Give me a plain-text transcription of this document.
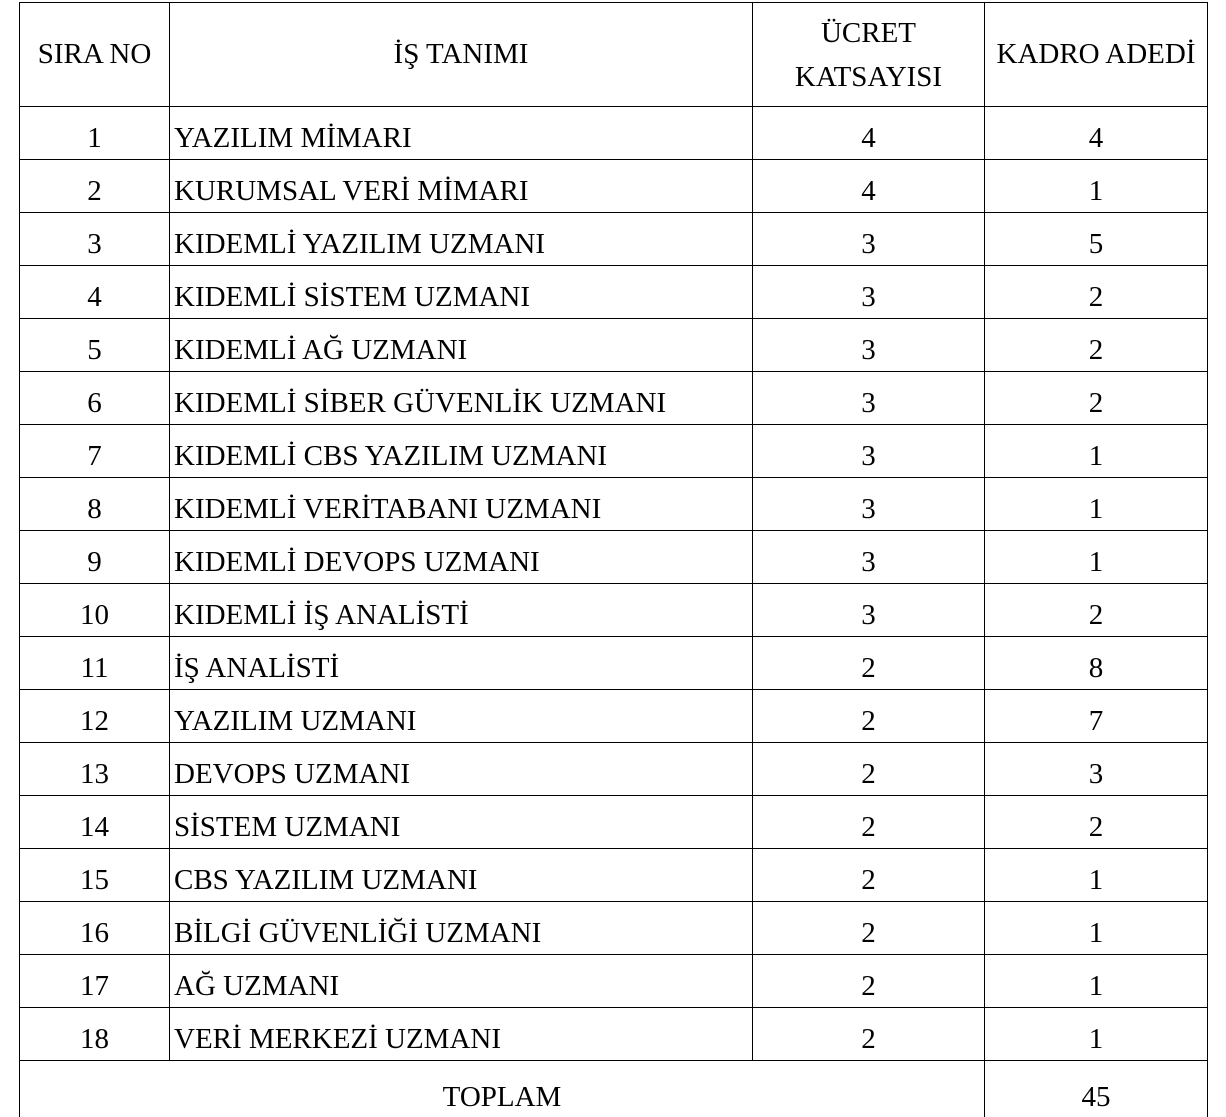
SIRA NO	İŞ TANIMI	ÜCRET KATSAYISI	KADRO ADEDİ
1	YAZILIM MİMARI	4	4
2	KURUMSAL VERİ MİMARI	4	1
3	KIDEMLİ YAZILIM UZMANI	3	5
4	KIDEMLİ SİSTEM UZMANI	3	2
5	KIDEMLİ AĞ UZMANI	3	2
6	KIDEMLİ SİBER GÜVENLİK UZMANI	3	2
7	KIDEMLİ CBS YAZILIM UZMANI	3	1
8	KIDEMLİ VERİTABANI UZMANI	3	1
9	KIDEMLİ DEVOPS UZMANI	3	1
10	KIDEMLİ İŞ ANALİSTİ	3	2
11	İŞ ANALİSTİ	2	8
12	YAZILIM UZMANI	2	7
13	DEVOPS UZMANI	2	3
14	SİSTEM UZMANI	2	2
15	CBS YAZILIM UZMANI	2	1
16	BİLGİ GÜVENLİĞİ UZMANI	2	1
17	AĞ UZMANI	2	1
18	VERİ MERKEZİ UZMANI	2	1
TOPLAM			45
